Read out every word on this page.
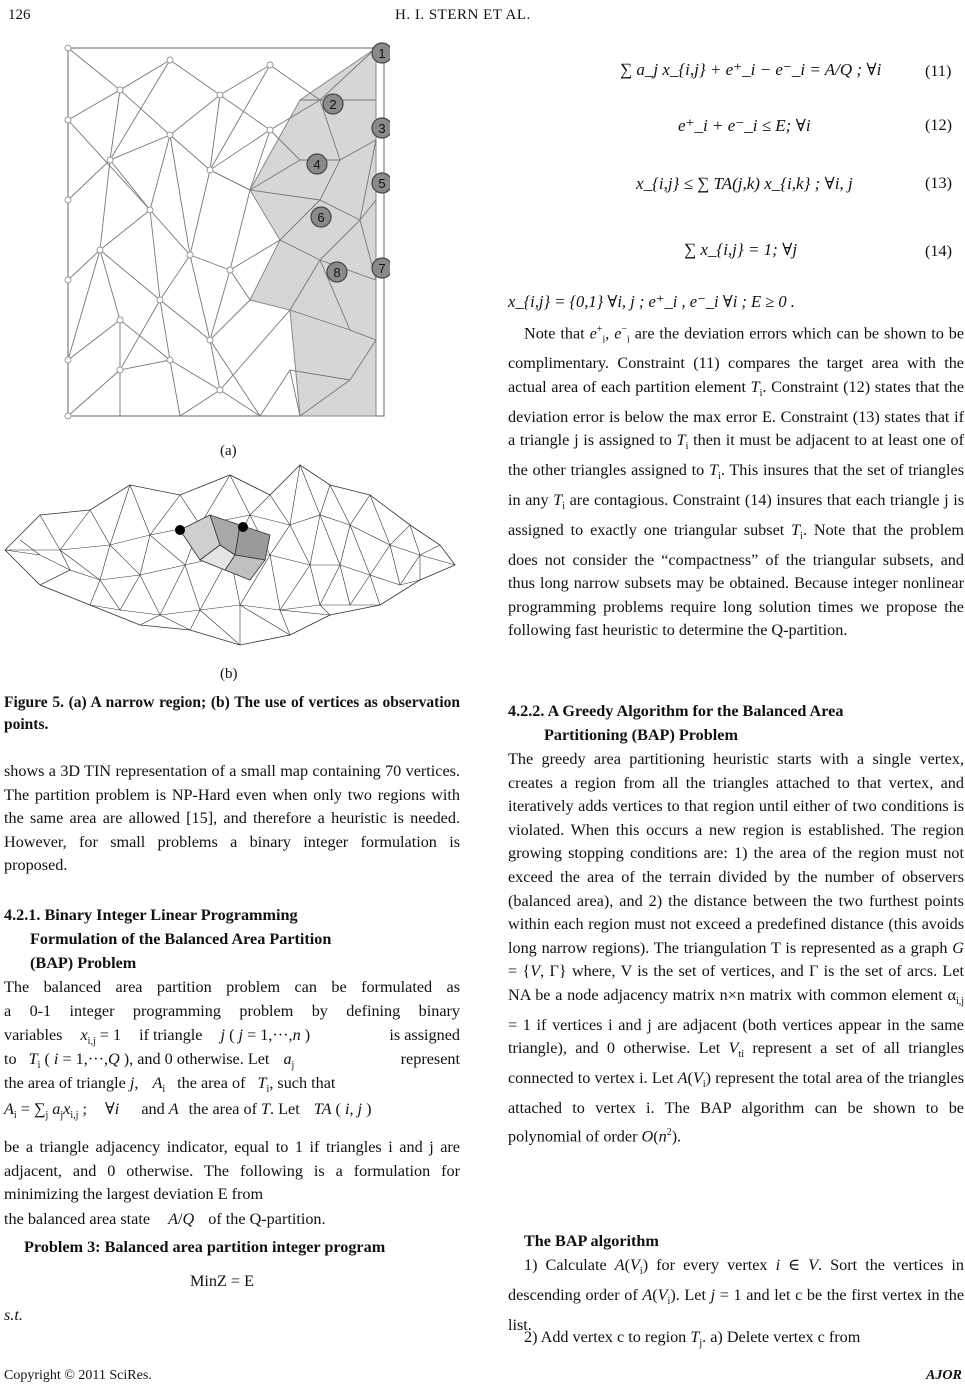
126	H. I. STERN ET AL.
1
2
3
4
5
6
7
8
(a)
(b)
Figure 5. (a) A narrow region; (b) The use of vertices as observation points.
shows a 3D TIN representation of a small map containing 70 vertices. The partition problem is NP-Hard even when only two regions with the same area are allowed [15], and therefore a heuristic is needed. However, for small problems a binary integer formulation is proposed.
4.2.1. Binary Integer Linear Programming
Formulation of the Balanced Area Partition
(BAP) Problem
The balanced area partition problem can be formulated as
a 0-1 integer programming problem by defining binary
variables $x_{i,j} = 1$ if triangle j ( j = 1,···,n )	is assigned
to $T_i$ ( i = 1,···,Q ), and 0 otherwise. Let $a_j$	represent
the area of triangle j, $A_i$ the area of $T_i$, such that
$A_i = \sum_j$ $a_jx_{i,j}$ ; ∀i and A the area of T. Let TA ( i, j )
be a triangle adjacency indicator, equal to 1 if triangles i and j are adjacent, and 0 otherwise. The following is a formulation for minimizing the largest deviation E from
the balanced area state A/Q of the Q-partition.
Problem 3: Balanced area partition integer program
MinZ = E
s.t.
∑ a_j x_{i,j} + e⁺_i − e⁻_i = A/Q ; ∀i	(11)
e⁺_i + e⁻_i ≤ E; ∀i	(12)
x_{i,j} ≤ ∑ TA(j,k) x_{i,k} ; ∀i, j	(13)
∑ x_{i,j} = 1; ∀j	(14)
x_{i,j} = {0,1} ∀i, j ; e⁺_i , e⁻_i ∀i ; E ≥ 0 .
Note that $e^+_i$, $e^-_i$ are the deviation errors which can be shown to be complimentary. Constraint (11) compares the target area with the actual area of each partition element $T_i$. Constraint (12) states that the deviation error is below the max error E. Constraint (13) states that if a triangle j is assigned to $T_i$ then it must be adjacent to at least one of the other triangles assigned to $T_i$. This insures that the set of triangles in any $T_i$ are contagious. Constraint (14) insures that each triangle j is assigned to exactly one triangular subset $T_i$. Note that the problem does not consider the “compactness” of the triangular subsets, and thus long narrow subsets may be obtained. Because integer nonlinear programming problems require long solution times we propose the following fast heuristic to determine the Q-partition.
4.2.2. A Greedy Algorithm for the Balanced Area
Partitioning (BAP) Problem
The greedy area partitioning heuristic starts with a single vertex, creates a region from all the triangles attached to that vertex, and iteratively adds vertices to that region until either of two conditions is violated. When this occurs a new region is established. The region growing stopping conditions are: 1) the area of the region must not exceed the area of the terrain divided by the number of observers (balanced area), and 2) the distance between the two furthest points within each region must not exceed a predefined distance (this avoids long narrow regions). The triangulation T is represented as a graph G = {V, Γ} where, V is the set of vertices, and Γ is the set of arcs. Let NA be a node adjacency matrix n×n matrix with common element $\alpha_{i,j} = 1$ if vertices i and j are adjacent (both vertices appear in the same triangle), and 0 otherwise. Let $V_{ti}$ represent a set of all triangles connected to vertex i. Let $A(V_i)$ represent the total area of the triangles attached to vertex i. The BAP algorithm can be shown to be polynomial of order $O(n^2)$.
The BAP algorithm
1) Calculate $A(V_i)$ for every vertex i ∈ V. Sort the vertices in descending order of $A(V_i)$. Let j = 1 and let c be the first vertex in the list.
2) Add vertex c to region $T_j$. a) Delete vertex c from
Copyright © 2011 SciRes.	AJOR
